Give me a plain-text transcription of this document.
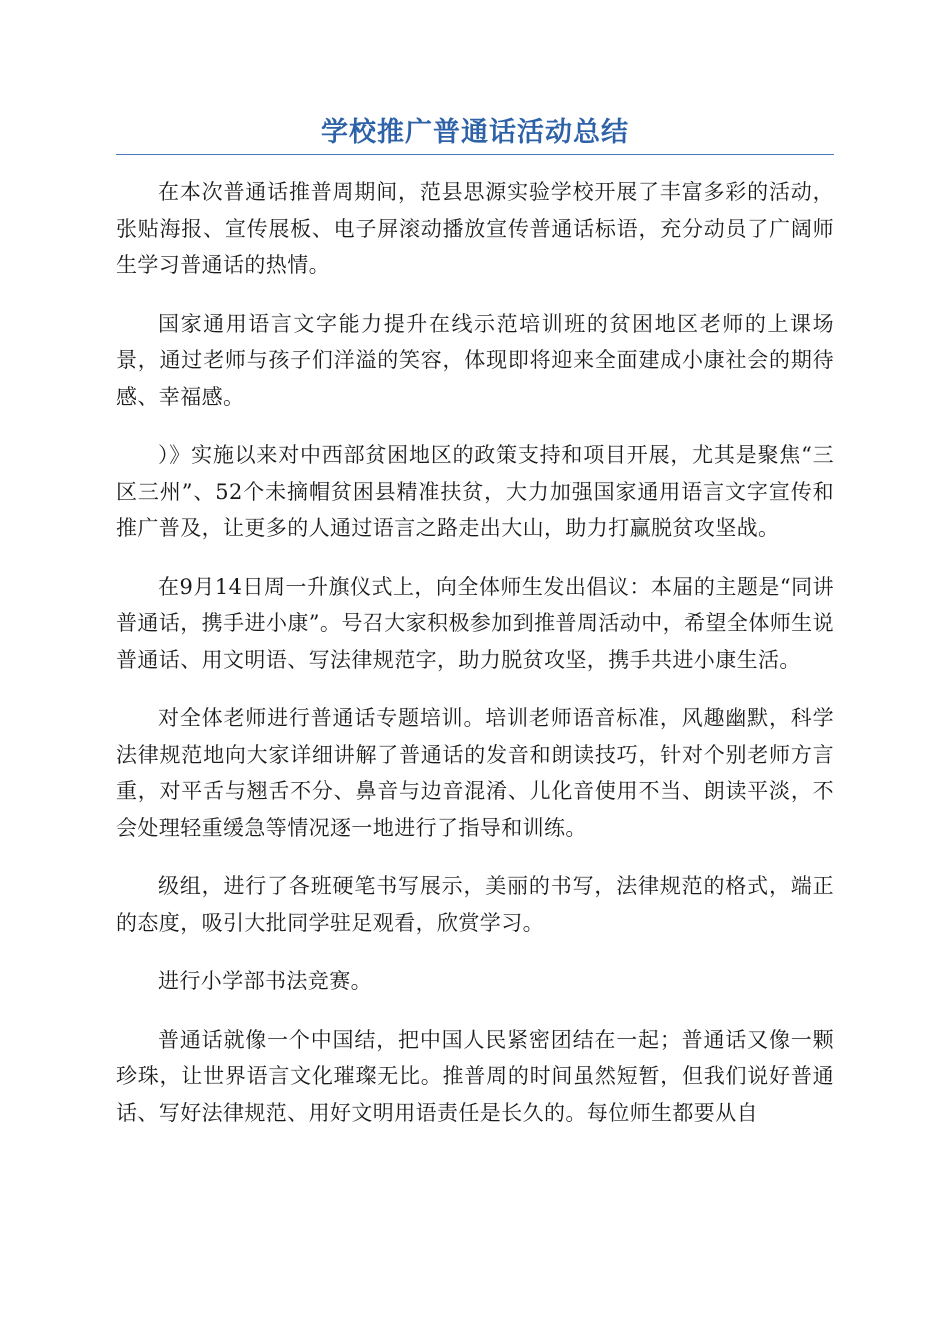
学校推广普通话活动总结

在本次普通话推普周期间，范县思源实验学校开展了丰富多彩的活动，张贴海报、宣传展板、电子屏滚动播放宣传普通话标语，充分动员了广阔师生学习普通话的热情。

国家通用语言文字能力提升在线示范培训班的贫困地区老师的上课场景，通过老师与孩子们洋溢的笑容，体现即将迎来全面建成小康社会的期待感、幸福感。

）》实施以来对中西部贫困地区的政策支持和项目开展，尤其是聚焦“三区三州”、52个未摘帽贫困县精准扶贫，大力加强国家通用语言文字宣传和推广普及，让更多的人通过语言之路走出大山，助力打赢脱贫攻坚战。

在9月14日周一升旗仪式上，向全体师生发出倡议：本届的主题是“同讲普通话，携手进小康”。号召大家积极参加到推普周活动中，希望全体师生说普通话、用文明语、写法律规范字，助力脱贫攻坚，携手共进小康生活。

对全体老师进行普通话专题培训。培训老师语音标准，风趣幽默，科学法律规范地向大家详细讲解了普通话的发音和朗读技巧，针对个别老师方言重，对平舌与翘舌不分、鼻音与边音混淆、儿化音使用不当、朗读平淡，不会处理轻重缓急等情况逐一地进行了指导和训练。

级组，进行了各班硬笔书写展示，美丽的书写，法律规范的格式，端正的态度，吸引大批同学驻足观看，欣赏学习。

进行小学部书法竞赛。

普通话就像一个中国结，把中国人民紧密团结在一起；普通话又像一颗珍珠，让世界语言文化璀璨无比。推普周的时间虽然短暂，但我们说好普通话、写好法律规范、用好文明用语责任是长久的。每位师生都要从自
